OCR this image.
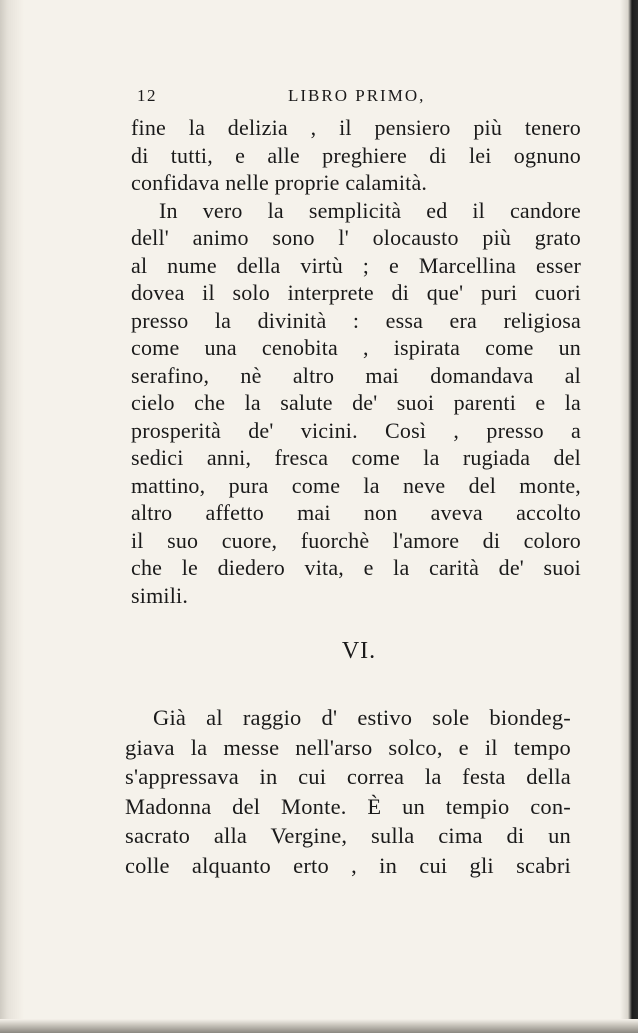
12	LIBRO PRIMO,
fine la delizia , il pensiero più tenero
di tutti, e alle preghiere di lei ognuno
confidava nelle proprie calamità.
In vero la semplicità ed il candore
dell' animo sono l' olocausto più grato
al nume della virtù ; e Marcellina esser
dovea il solo interprete di que' puri cuori
presso la divinità : essa era religiosa
come una cenobita , ispirata come un
serafino, nè altro mai domandava al
cielo che la salute de' suoi parenti e la
prosperità de' vicini. Così , presso a
sedici anni, fresca come la rugiada del
mattino, pura come la neve del monte,
altro affetto mai non aveva accolto
il suo cuore, fuorchè l'amore di coloro
che le diedero vita, e la carità de' suoi
simili.
VI.
Già al raggio d' estivo sole biondeg-
giava la messe nell'arso solco, e il tempo
s'appressava in cui correa la festa della
Madonna del Monte. È un tempio con-
sacrato alla Vergine, sulla cima di un
colle alquanto erto , in cui gli scabri
